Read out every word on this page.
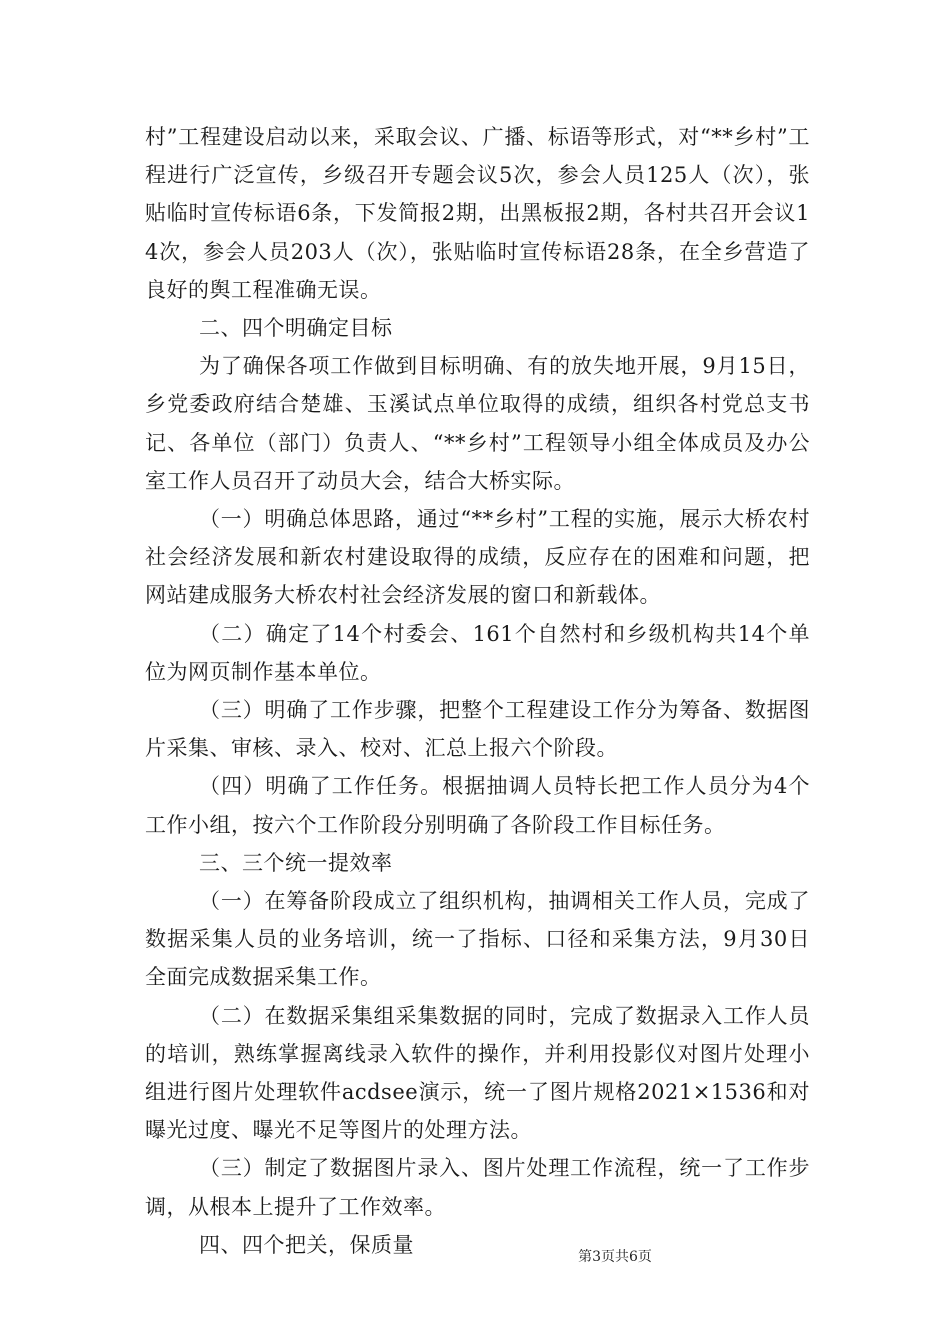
村”工程建设启动以来，采取会议、广播、标语等形式，对“**乡村”工程进行广泛宣传，乡级召开专题会议5次，参会人员125人（次），张贴临时宣传标语6条，下发简报2期，出黑板报2期，各村共召开会议14次，参会人员203人（次），张贴临时宣传标语28条，在全乡营造了良好的舆工程准确无误。

二、四个明确定目标

为了确保各项工作做到目标明确、有的放失地开展，9月15日，乡党委政府结合楚雄、玉溪试点单位取得的成绩，组织各村党总支书记、各单位（部门）负责人、“**乡村”工程领导小组全体成员及办公室工作人员召开了动员大会，结合大桥实际。

（一）明确总体思路，通过“**乡村”工程的实施，展示大桥农村社会经济发展和新农村建设取得的成绩，反应存在的困难和问题，把网站建成服务大桥农村社会经济发展的窗口和新载体。

（二）确定了14个村委会、161个自然村和乡级机构共14个单位为网页制作基本单位。

（三）明确了工作步骤，把整个工程建设工作分为筹备、数据图片采集、审核、录入、校对、汇总上报六个阶段。

（四）明确了工作任务。根据抽调人员特长把工作人员分为4个工作小组，按六个工作阶段分别明确了各阶段工作目标任务。

三、三个统一提效率

（一）在筹备阶段成立了组织机构，抽调相关工作人员，完成了数据采集人员的业务培训，统一了指标、口径和采集方法，9月30日全面完成数据采集工作。

（二）在数据采集组采集数据的同时，完成了数据录入工作人员的培训，熟练掌握离线录入软件的操作，并利用投影仪对图片处理小组进行图片处理软件acdsee演示，统一了图片规格2021×1536和对曝光过度、曝光不足等图片的处理方法。

（三）制定了数据图片录入、图片处理工作流程，统一了工作步调，从根本上提升了工作效率。

四、四个把关，保质量

第3页共6页
